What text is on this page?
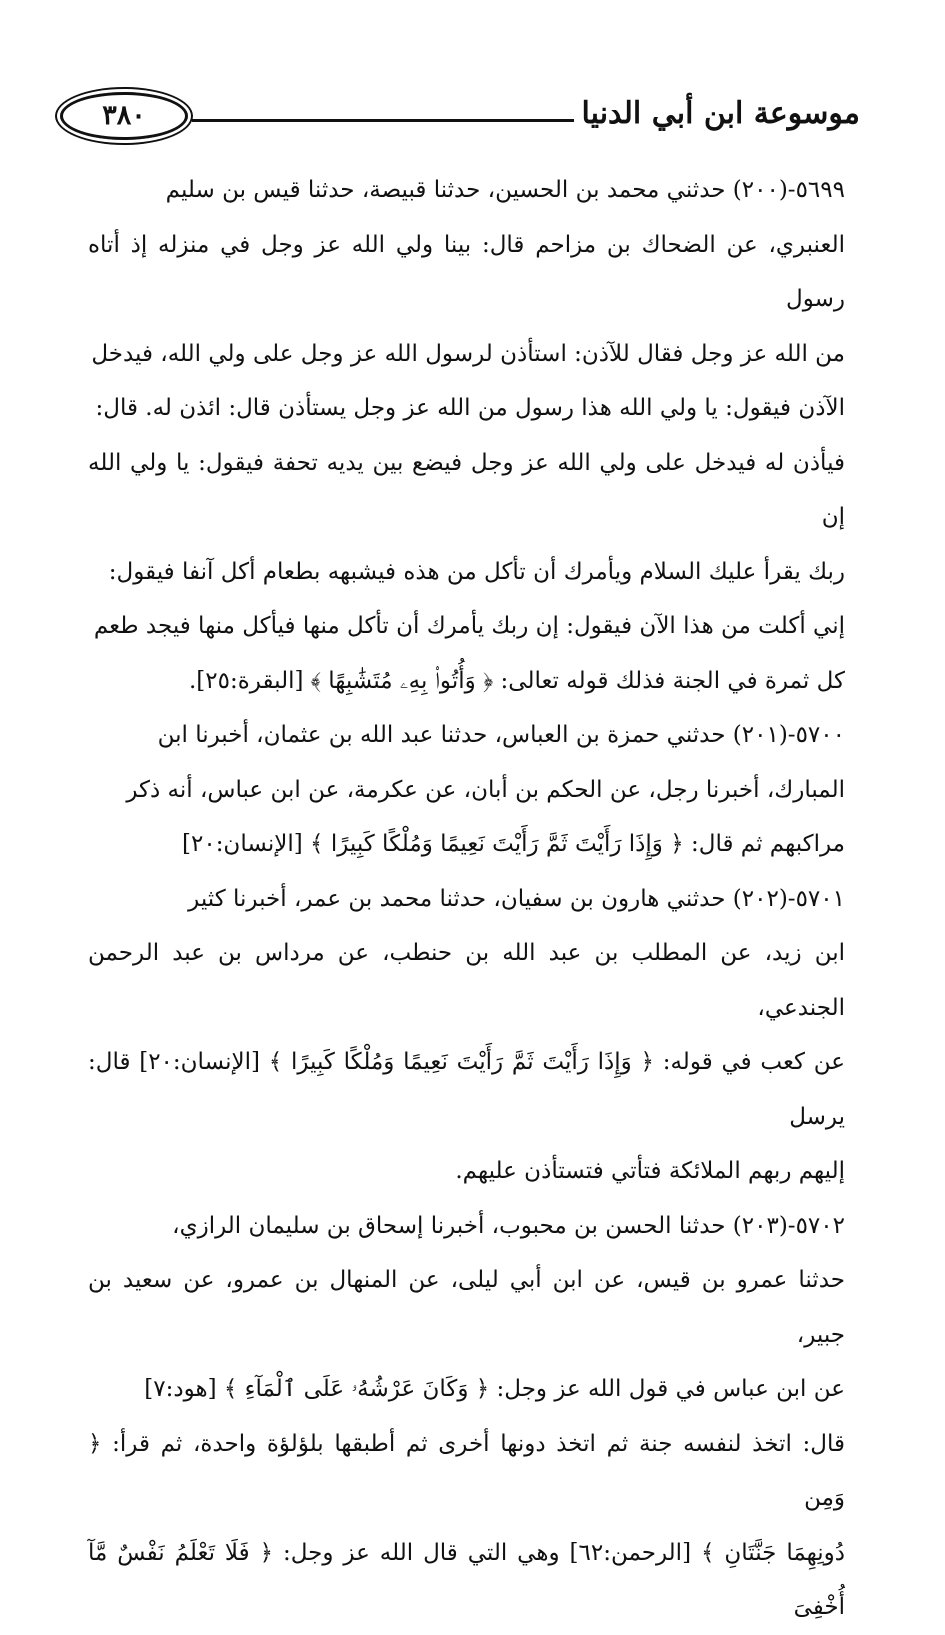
موسوعة ابن أبي الدنيا
٣٨٠
٥٦٩٩-(٢٠٠) حدثني محمد بن الحسين، حدثنا قبيصة، حدثنا قيس بن سليم
العنبري، عن الضحاك بن مزاحم قال: بينا ولي الله عز وجل في منزله إذ أتاه رسول
من الله عز وجل فقال للآذن: استأذن لرسول الله عز وجل على ولي الله، فيدخل
الآذن فيقول: يا ولي الله هذا رسول من الله عز وجل يستأذن قال: ائذن له. قال:
فيأذن له فيدخل على ولي الله عز وجل فيضع بين يديه تحفة فيقول: يا ولي الله إن
ربك يقرأ عليك السلام ويأمرك أن تأكل من هذه فيشبهه بطعام أكل آنفا فيقول:
إني أكلت من هذا الآن فيقول: إن ربك يأمرك أن تأكل منها فيأكل منها فيجد طعم
كل ثمرة في الجنة فذلك قوله تعالى: ﴿ وَأُتُوا۟ بِهِۦ مُتَشَٰبِهًا ﴾ [البقرة:٢٥].
٥٧٠٠-(٢٠١) حدثني حمزة بن العباس، حدثنا عبد الله بن عثمان، أخبرنا ابن
المبارك، أخبرنا رجل، عن الحكم بن أبان، عن عكرمة، عن ابن عباس، أنه ذكر
مراكبهم ثم قال: ﴿ وَإِذَا رَأَيْتَ ثَمَّ رَأَيْتَ نَعِيمًا وَمُلْكًا كَبِيرًا ﴾ [الإنسان:٢٠]
٥٧٠١-(٢٠٢) حدثني هارون بن سفيان، حدثنا محمد بن عمر، أخبرنا كثير
ابن زيد، عن المطلب بن عبد الله بن حنطب، عن مرداس بن عبد الرحمن الجندعي،
عن كعب في قوله: ﴿ وَإِذَا رَأَيْتَ ثَمَّ رَأَيْتَ نَعِيمًا وَمُلْكًا كَبِيرًا ﴾ [الإنسان:٢٠] قال: يرسل
إليهم ربهم الملائكة فتأتي فتستأذن عليهم.
٥٧٠٢-(٢٠٣) حدثنا الحسن بن محبوب، أخبرنا إسحاق بن سليمان الرازي،
حدثنا عمرو بن قيس، عن ابن أبي ليلى، عن المنهال بن عمرو، عن سعيد بن جبير،
عن ابن عباس في قول الله عز وجل: ﴿ وَكَانَ عَرْشُهُۥ عَلَى ٱلْمَآءِ ﴾ [هود:٧]
قال: اتخذ لنفسه جنة ثم اتخذ دونها أخرى ثم أطبقها بلؤلؤة واحدة، ثم قرأ: ﴿ وَمِن
دُونِهِمَا جَنَّتَانِ ﴾ [الرحمن:٦٢] وهي التي قال الله عز وجل: ﴿ فَلَا تَعْلَمُ نَفْسٌ مَّآ أُخْفِىَ
